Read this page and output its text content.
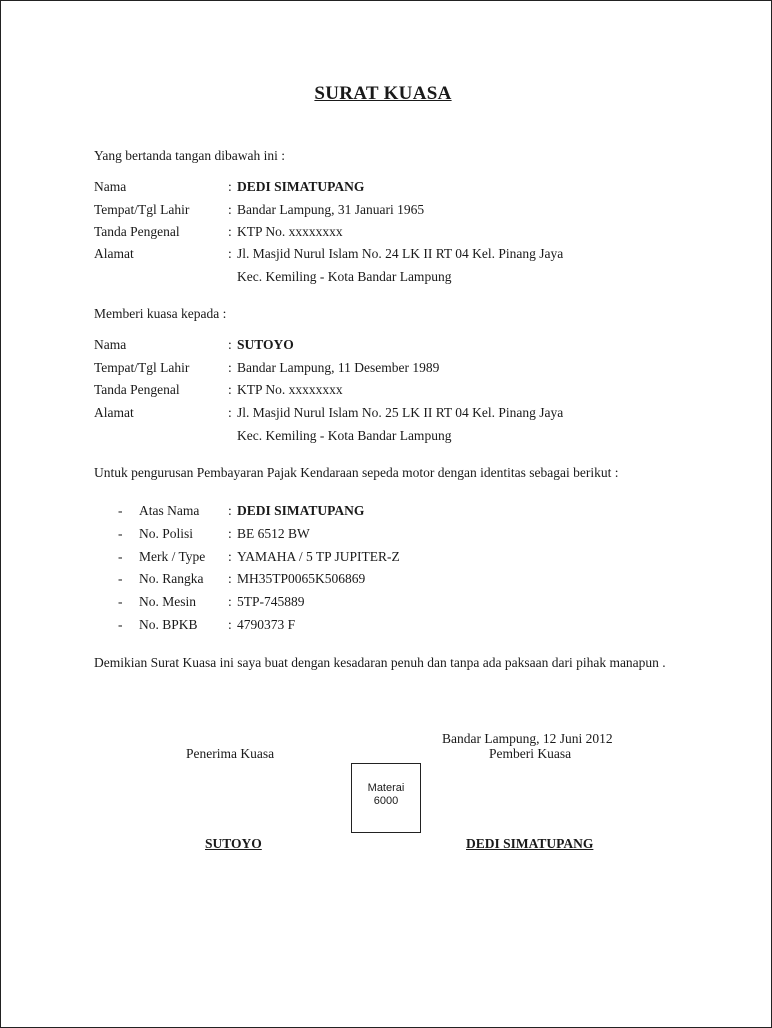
SURAT KUASA
Yang bertanda tangan dibawah ini :
Nama	: DEDI SIMATUPANG
Tempat/Tgl Lahir	: Bandar Lampung, 31 Januari 1965
Tanda Pengenal	: KTP No. xxxxxxxx
Alamat	: Jl. Masjid Nurul Islam No. 24 LK II RT 04 Kel. Pinang Jaya
Kec. Kemiling - Kota Bandar Lampung
Memberi kuasa kepada :
Nama	: SUTOYO
Tempat/Tgl Lahir	: Bandar Lampung, 11 Desember 1989
Tanda Pengenal	: KTP No. xxxxxxxx
Alamat	: Jl. Masjid Nurul Islam No. 25 LK II RT 04 Kel. Pinang Jaya
Kec. Kemiling - Kota Bandar Lampung
Untuk pengurusan Pembayaran Pajak Kendaraan sepeda motor dengan identitas sebagai berikut :
- Atas Nama : DEDI SIMATUPANG
- No. Polisi	: BE 6512 BW
- Merk / Type : YAMAHA / 5 TP JUPITER-Z
- No. Rangka : MH35TP0065K506869
- No. Mesin : 5TP-745889
- No. BPKB : 4790373 F
Demikian Surat Kuasa ini saya buat dengan kesadaran penuh dan tanpa ada paksaan dari pihak manapun .
Bandar Lampung, 12 Juni 2012
Penerima Kuasa	Pemberi Kuasa
Materai
6000
SUTOYO	DEDI SIMATUPANG
